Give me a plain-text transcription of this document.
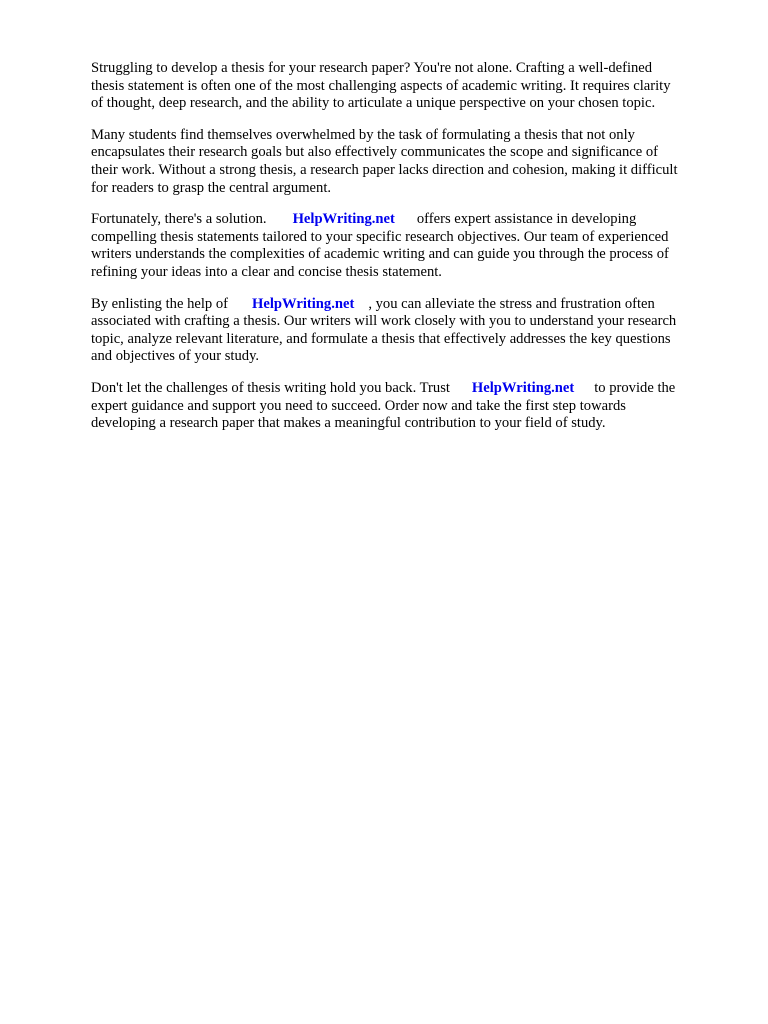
Struggling to develop a thesis for your research paper? You're not alone. Crafting a well-defined
thesis statement is often one of the most challenging aspects of academic writing. It requires clarity
of thought, deep research, and the ability to articulate a unique perspective on your chosen topic.

Many students find themselves overwhelmed by the task of formulating a thesis that not only
encapsulates their research goals but also effectively communicates the scope and significance of
their work. Without a strong thesis, a research paper lacks direction and cohesion, making it difficult
for readers to grasp the central argument.

Fortunately, there's a solution. HelpWriting.net offers expert assistance in developing
compelling thesis statements tailored to your specific research objectives. Our team of experienced
writers understands the complexities of academic writing and can guide you through the process of
refining your ideas into a clear and concise thesis statement.

By enlisting the help of HelpWriting.net , you can alleviate the stress and frustration often
associated with crafting a thesis. Our writers will work closely with you to understand your research
topic, analyze relevant literature, and formulate a thesis that effectively addresses the key questions
and objectives of your study.

Don't let the challenges of thesis writing hold you back. Trust HelpWriting.net to provide the
expert guidance and support you need to succeed. Order now and take the first step towards
developing a research paper that makes a meaningful contribution to your field of study.
